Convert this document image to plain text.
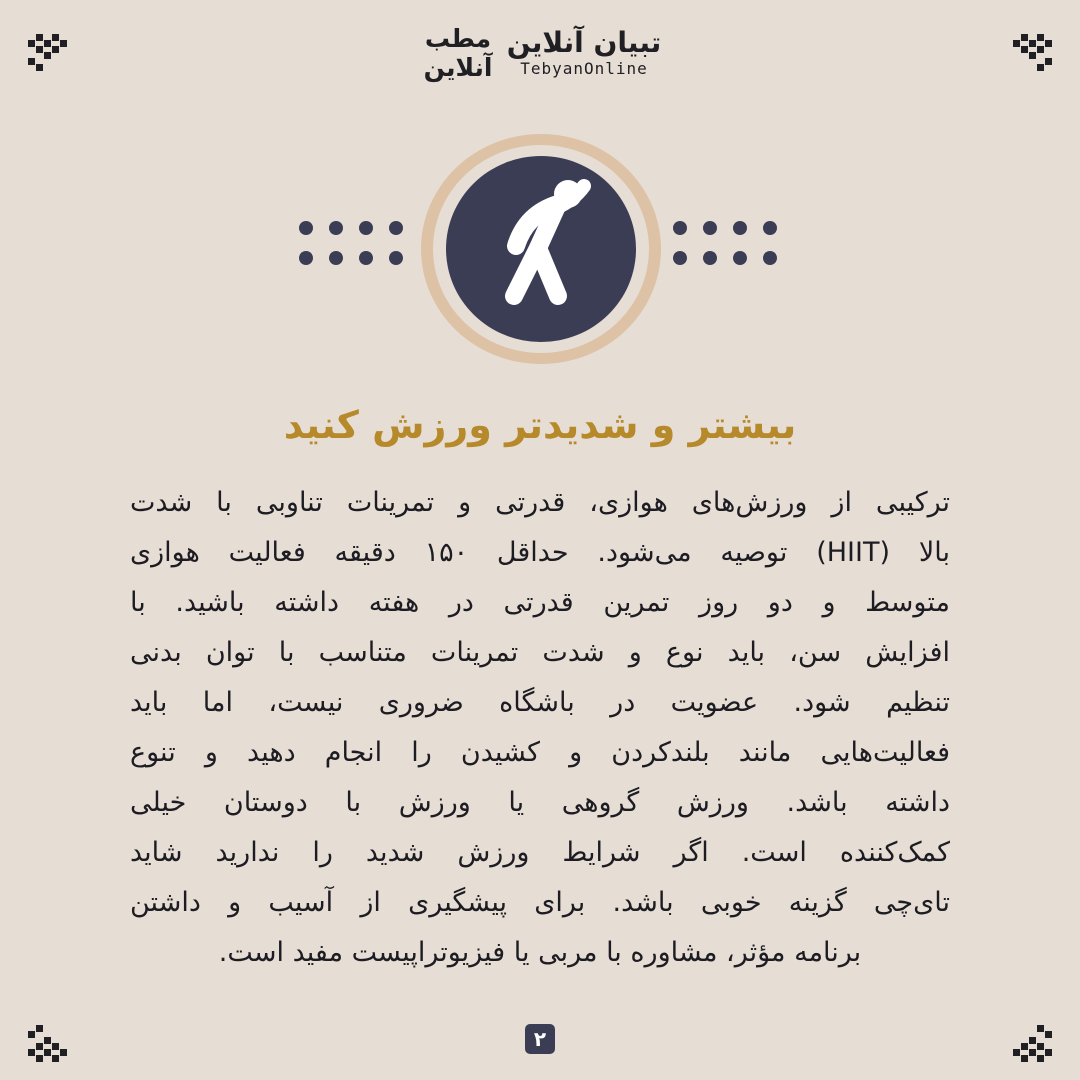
تبیان آنلاین
TebyanOnline
مطب
آنلاین
بیشتر و شدیدتر ورزش کنید
ترکیبی از ورزش‌های هوازی، قدرتی و تمرینات تناوبی با شدت
بالا (HIIT) توصیه می‌شود. حداقل ۱۵۰ دقیقه فعالیت هوازی
متوسط و دو روز تمرین قدرتی در هفته داشته باشید. با
افزایش سن، باید نوع و شدت تمرینات متناسب با توان بدنی
تنظیم شود. عضویت در باشگاه ضروری نیست، اما باید
فعالیت‌هایی مانند بلندکردن و کشیدن را انجام دهید و تنوع
داشته باشد. ورزش گروهی یا ورزش با دوستان خیلی
کمک‌کننده است. اگر شرایط ورزش شدید را ندارید شاید
تای‌چی گزینه خوبی باشد. برای پیشگیری از آسیب و داشتن
برنامه مؤثر، مشاوره با مربی یا فیزیوتراپیست مفید است.
۲
